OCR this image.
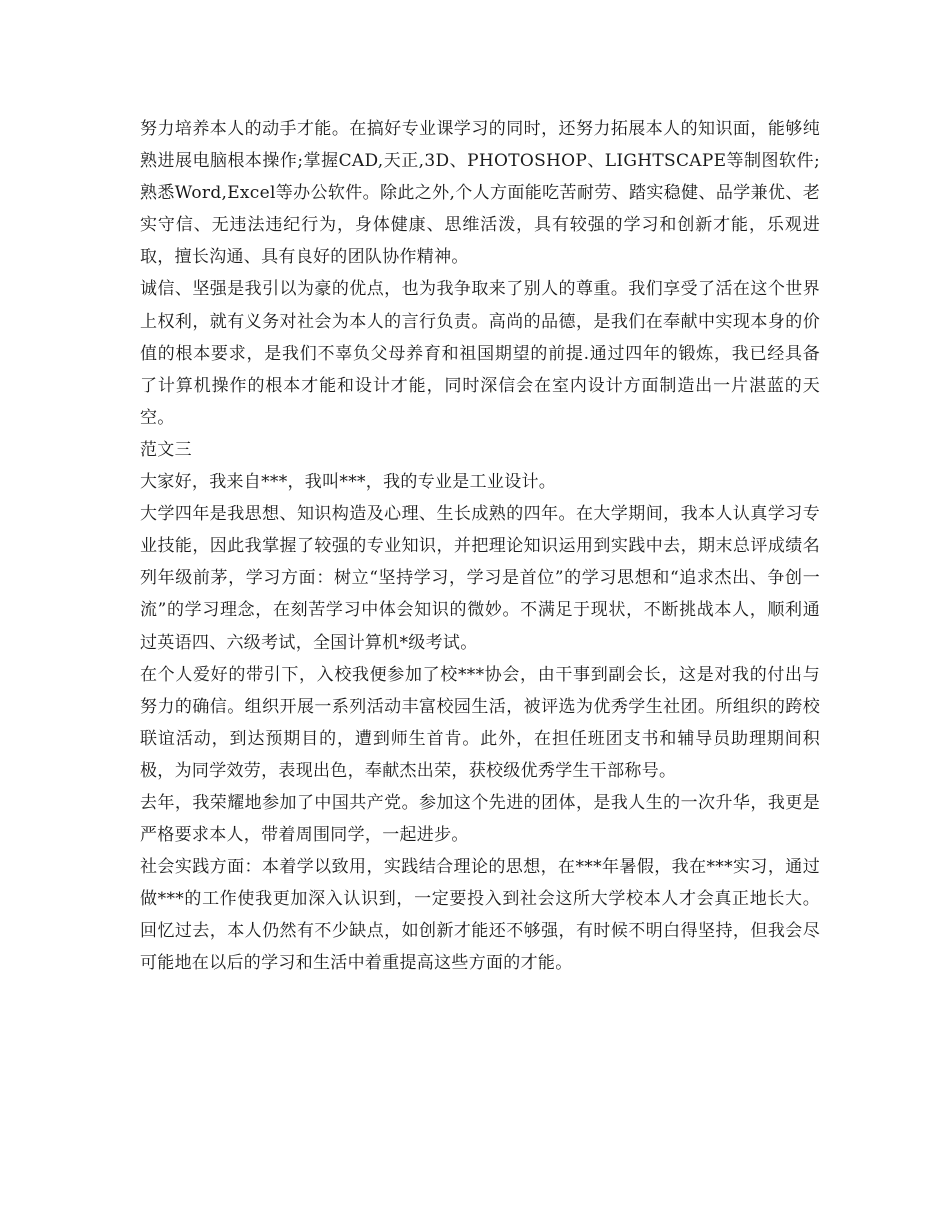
努力培养本人的动手才能。在搞好专业课学习的同时，还努力拓展本人的知识面，能够纯熟进展电脑根本操作;掌握CAD,天正,3D、PHOTOSHOP、LIGHTSCAPE等制图软件;熟悉Word,Excel等办公软件。除此之外,个人方面能吃苦耐劳、踏实稳健、品学兼优、老实守信、无违法违纪行为，身体健康、思维活泼，具有较强的学习和创新才能，乐观进取，擅长沟通、具有良好的团队协作精神。

诚信、坚强是我引以为豪的优点，也为我争取来了别人的尊重。我们享受了活在这个世界上权利，就有义务对社会为本人的言行负责。高尚的品德，是我们在奉献中实现本身的价值的根本要求，是我们不辜负父母养育和祖国期望的前提.通过四年的锻炼，我已经具备了计算机操作的根本才能和设计才能，同时深信会在室内设计方面制造出一片湛蓝的天空。

范文三

大家好，我来自***，我叫***，我的专业是工业设计。

大学四年是我思想、知识构造及心理、生长成熟的四年。在大学期间，我本人认真学习专业技能，因此我掌握了较强的专业知识，并把理论知识运用到实践中去，期末总评成绩名列年级前茅，学习方面：树立“坚持学习，学习是首位”的学习思想和“追求杰出、争创一流”的学习理念，在刻苦学习中体会知识的微妙。不满足于现状，不断挑战本人，顺利通过英语四、六级考试，全国计算机*级考试。

在个人爱好的带引下，入校我便参加了校***协会，由干事到副会长，这是对我的付出与努力的确信。组织开展一系列活动丰富校园生活，被评选为优秀学生社团。所组织的跨校联谊活动，到达预期目的，遭到师生首肯。此外，在担任班团支书和辅导员助理期间积极，为同学效劳，表现出色，奉献杰出荣，获校级优秀学生干部称号。

去年，我荣耀地参加了中国共产党。参加这个先进的团体，是我人生的一次升华，我更是严格要求本人，带着周围同学，一起进步。

社会实践方面：本着学以致用，实践结合理论的思想，在***年暑假，我在***实习，通过做***的工作使我更加深入认识到，一定要投入到社会这所大学校本人才会真正地长大。回忆过去，本人仍然有不少缺点，如创新才能还不够强，有时候不明白得坚持，但我会尽可能地在以后的学习和生活中着重提高这些方面的才能。
